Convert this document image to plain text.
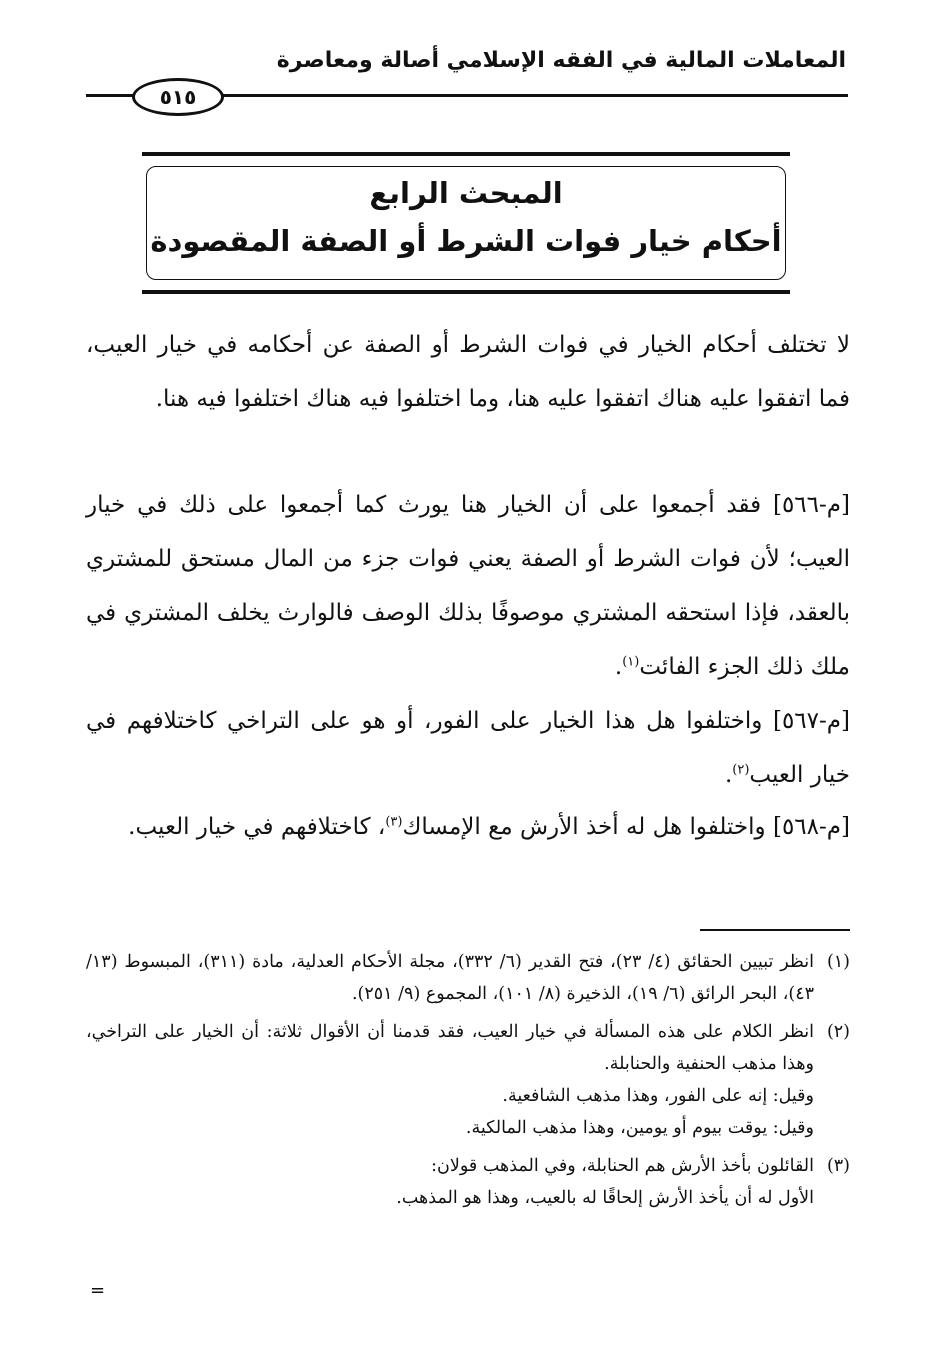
المعاملات المالية في الفقه الإسلامي أصالة ومعاصرة
٥١٥
المبحث الرابع
أحكام خيار فوات الشرط أو الصفة المقصودة

لا تختلف أحكام الخيار في فوات الشرط أو الصفة عن أحكامه في خيار العيب، فما اتفقوا عليه هناك اتفقوا عليه هنا، وما اختلفوا فيه هناك اختلفوا فيه هنا.

[م-٥٦٦] فقد أجمعوا على أن الخيار هنا يورث كما أجمعوا على ذلك في خيار العيب؛ لأن فوات الشرط أو الصفة يعني فوات جزء من المال مستحق للمشتري بالعقد، فإذا استحقه المشتري موصوفًا بذلك الوصف فالوارث يخلف المشتري في ملك ذلك الجزء الفائت$^{(١)}$.

[م-٥٦٧] واختلفوا هل هذا الخيار على الفور، أو هو على التراخي كاختلافهم في خيار العيب$^{(٢)}$.

[م-٥٦٨] واختلفوا هل له أخذ الأرش مع الإمساك$^{(٣)}$، كاختلافهم في خيار العيب.

(١)
انظر تبيين الحقائق (٤/ ٢٣)، فتح القدير (٦/ ٣٣٢)، مجلة الأحكام العدلية، مادة (٣١١)، المبسوط (١٣/ ٤٣)، البحر الرائق (٦/ ١٩)، الذخيرة (٨/ ١٠١)، المجموع (٩/ ٢٥١).
(٢)
انظر الكلام على هذه المسألة في خيار العيب، فقد قدمنا أن الأقوال ثلاثة: أن الخيار على التراخي، وهذا مذهب الحنفية والحنابلة.
وقيل: إنه على الفور، وهذا مذهب الشافعية.
وقيل: يوقت بيوم أو يومين، وهذا مذهب المالكية.
(٣)
القائلون بأخذ الأرش هم الحنابلة، وفي المذهب قولان:
الأول له أن يأخذ الأرش إلحاقًا له بالعيب، وهذا هو المذهب.
=
